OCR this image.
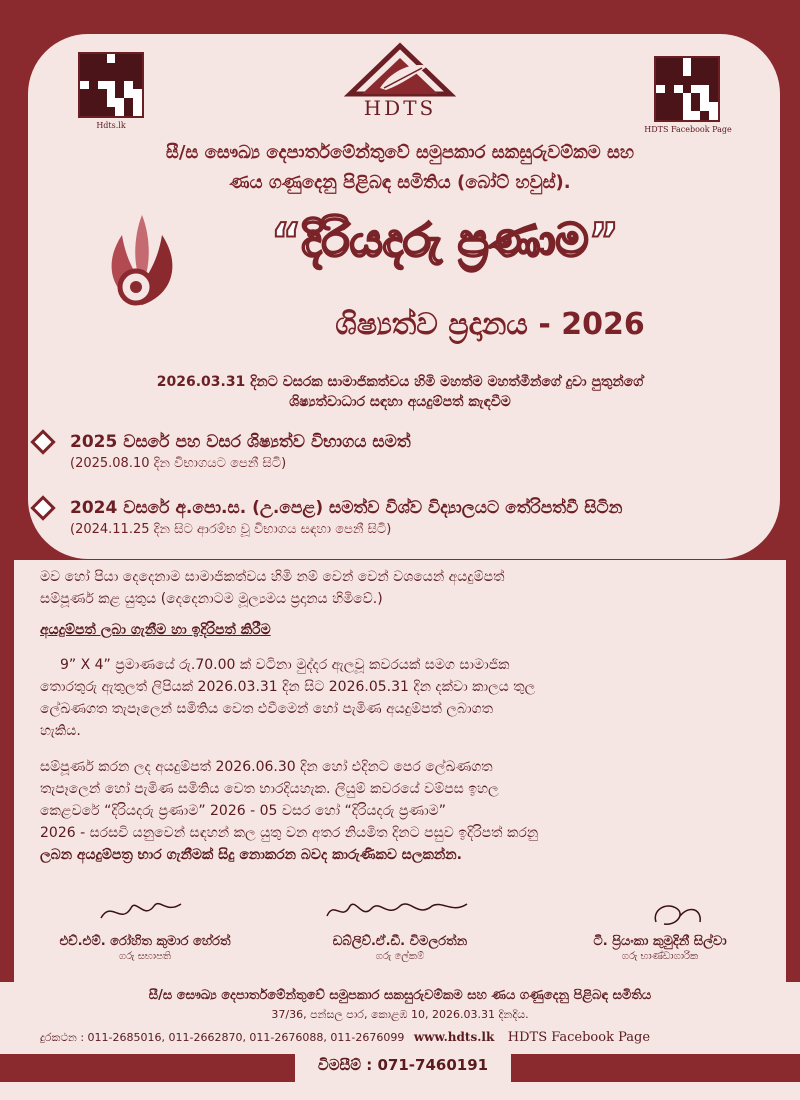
Hdts.lk	HDTS Facebook Page
HDTS
සී/ස සෞඛ්‍ය දෙපාර්තමේන්තුවේ සමුපකාර සකසුරුවම්කම සහ
ණය ගණුදෙනු පිළිබඳ සමිතිය (බෝට් හවුස්).
“දිරියදරු ප්‍රණාම”
ශිෂ්‍යත්ව ප්‍රදානය - 2026
2026.03.31 දිනට වසරක සාමාජිකත්වය හිමි මහත්ම මහත්මීන්ගේ දුවා පුතුන්ගේ
ශිෂ්‍යත්වාධාර සඳහා අයදුම්පත් කැඳවීම
2025 වසරේ පහ වසර ශිෂ්‍යත්ව විභාගය සමත්
(2025.08.10 දින විභාගයට පෙනී සිටි)
2024 වසරේ අ.පො.ස. (උ.පෙළ) සමත්ව විශ්ව විද්‍යාලයට තේරිපත්වී සිටින
(2024.11.25 දින සිට ආරම්භ වූ විභාගය සඳහා පෙනී සිටි)
මව හෝ පියා දෙදෙනාම සාමාජිකත්වය හිමි නම් වෙන් වෙන් වශයෙන් අයදුම්පත්
සම්පූර්ණ කළ යුතුය (දෙදෙනාටම මූල්‍යමය ප්‍රදානය හිමිවේ.)
අයදුම්පත් ලබා ගැනීම හා ඉදිරිපත් කිරීම
9” X 4” ප්‍රමාණයේ රු.70.00 ක් වටිනා මුද්දර ඇලවූ කවරයක් සමග සාමාජික
තොරතුරු ඇතුලත් ලිපියක් 2026.03.31 දින සිට 2026.05.31 දින දක්වා කාලය තුල
ලේඛණගත තැපෑලෙන් සමිතිය වෙත එවීමෙන් හෝ පැමිණ අයදුම්පත් ලබාගත
හැකිය.
සම්පූර්ණ කරන ලද අයදුම්පත් 2026.06.30 දින හෝ එදිනට පෙර ලේඛණගත
තැපෑලෙන් හෝ පැමිණ සමිතිය වෙත භාරදියහැක. ලියුම් කවරයේ වම්පස ඉහල
කෙළවරේ “දිරියදරු ප්‍රණාම” 2026 - 05 වසර හෝ “දිරියදරු ප්‍රණාම”
2026 - සරසවි යනුවෙන් සඳහන් කල යුතු වන අතර නියමිත දිනට පසුව ඉදිරිපත් කරනු
ලබන අයදුම්පත්‍ර භාර ගැනීමක් සිදු නොකරන බවද කාරුණිකව සලකන්න.
එච්.එම්. රෝහිත කුමාර හේරත්
ගරු සභාපති
ඩබ්ලිව්.ඒ.ඩී. විමලරත්න
ගරු ලේකම්
ටී. ප්‍රියංකා කුමුදිනී සිල්වා
ගරු භාණ්ඩාගාරික
සී/ස සෞඛ්‍ය දෙපාර්තමේන්තුවේ සමුපකාර සකසුරුවම්කම සහ ණය ගණුදෙනු පිළිබඳ සමිතිය
37/36, පන්සල පාර, කොළඹ 10, 2026.03.31 දිනදිය.
දුරකථන : 011-2685016, 011-2662870, 011-2676088, 011-2676099 www.hdts.lk HDTS Facebook Page
විමසීම් : 071-7460191
